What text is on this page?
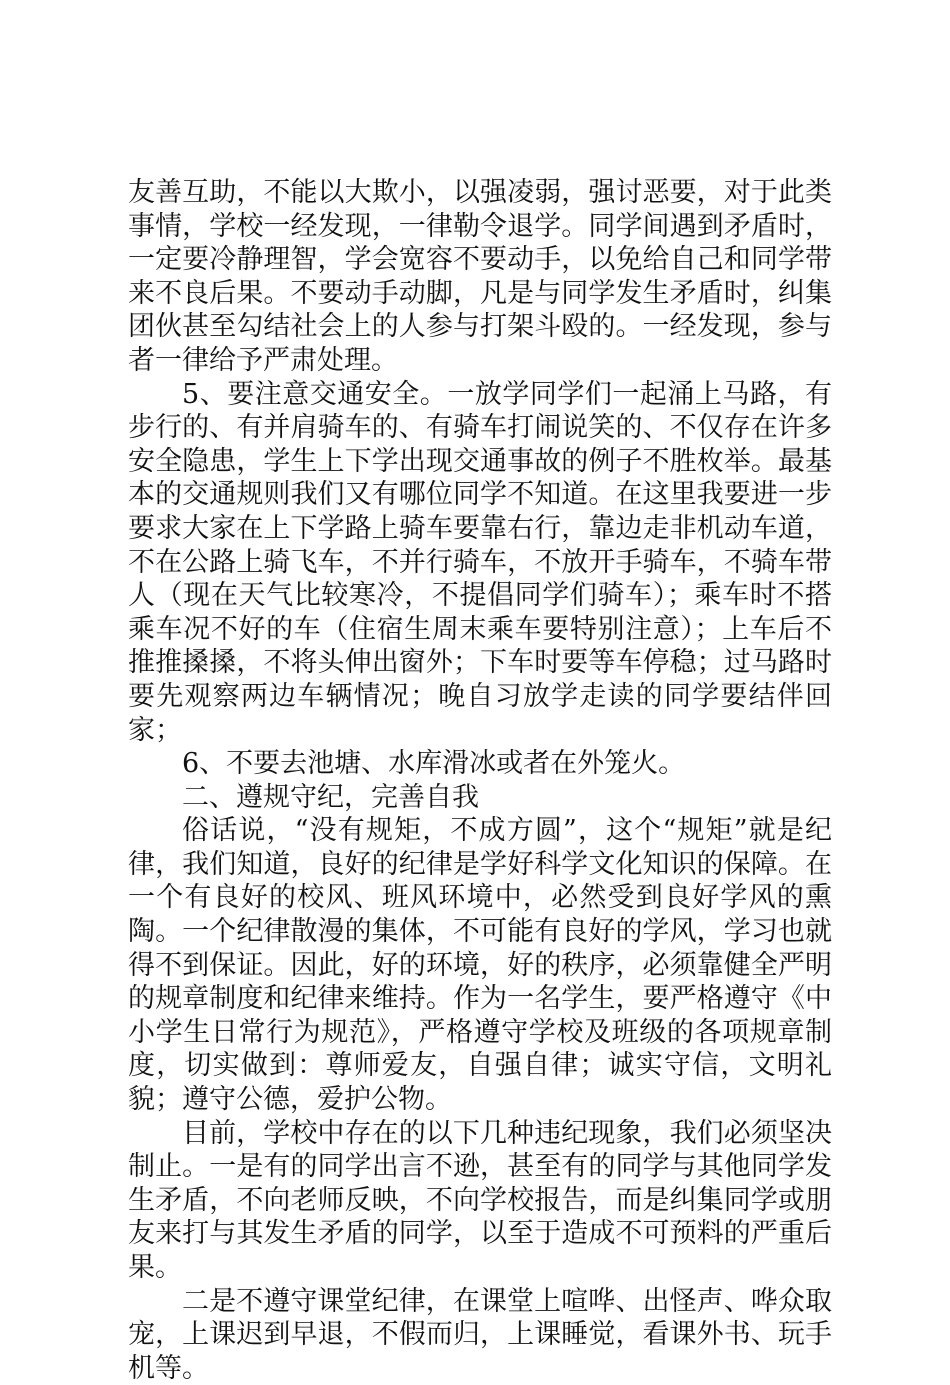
友善互助，不能以大欺小，以强凌弱，强讨恶要，对于此类事情，学校一经发现，一律勒令退学。同学间遇到矛盾时，一定要冷静理智，学会宽容不要动手，以免给自己和同学带来不良后果。不要动手动脚，凡是与同学发生矛盾时，纠集团伙甚至勾结社会上的人参与打架斗殴的。一经发现，参与者一律给予严肃处理。

5、要注意交通安全。一放学同学们一起涌上马路，有步行的、有并肩骑车的、有骑车打闹说笑的、不仅存在许多安全隐患，学生上下学出现交通事故的例子不胜枚举。最基本的交通规则我们又有哪位同学不知道。在这里我要进一步要求大家在上下学路上骑车要靠右行，靠边走非机动车道，不在公路上骑飞车，不并行骑车，不放开手骑车，不骑车带人（现在天气比较寒冷，不提倡同学们骑车）；乘车时不搭乘车况不好的车（住宿生周末乘车要特别注意）；上车后不推推搡搡，不将头伸出窗外；下车时要等车停稳；过马路时要先观察两边车辆情况；晚自习放学走读的同学要结伴回家；

6、不要去池塘、水库滑冰或者在外笼火。

二、遵规守纪，完善自我

俗话说，“没有规矩，不成方圆”，这个“规矩”就是纪律，我们知道，良好的纪律是学好科学文化知识的保障。在一个有良好的校风、班风环境中，必然受到良好学风的熏陶。一个纪律散漫的集体，不可能有良好的学风，学习也就得不到保证。因此，好的环境，好的秩序，必须靠健全严明的规章制度和纪律来维持。作为一名学生，要严格遵守《中小学生日常行为规范》，严格遵守学校及班级的各项规章制度，切实做到：尊师爱友，自强自律；诚实守信，文明礼貌；遵守公德，爱护公物。

目前，学校中存在的以下几种违纪现象，我们必须坚决制止。一是有的同学出言不逊，甚至有的同学与其他同学发生矛盾，不向老师反映，不向学校报告，而是纠集同学或朋友来打与其发生矛盾的同学，以至于造成不可预料的严重后果。

二是不遵守课堂纪律，在课堂上喧哗、出怪声、哗众取宠，上课迟到早退，不假而归，上课睡觉，看课外书、玩手机等。
